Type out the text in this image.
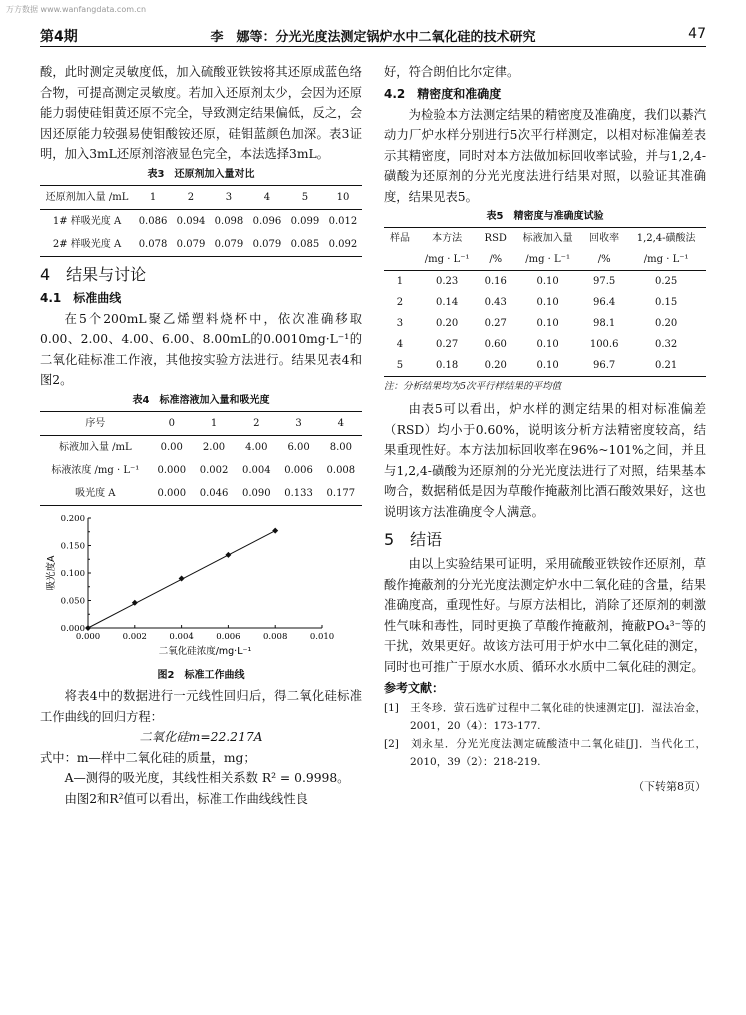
万方数据 www.wanfangdata.com.cn
第4期	李　娜等：分光光度法测定锅炉水中二氧化硅的技术研究	47

酸，此时测定灵敏度低，加入硫酸亚铁铵将其还原成蓝色络合物，可提高测定灵敏度。若加入还原剂太少，会因为还原能力弱使硅钼黄还原不完全，导致测定结果偏低，反之，会因还原能力较强易使钼酸铵还原，硅钼蓝颜色加深。表3证明，加入3mL还原剂溶液显色完全，本法选择3mL。

表3　还原剂加入量对比
还原剂加入量 /mL	1	2	3	4	5	10
1# 样吸光度 A	0.086	0.094	0.098	0.096	0.099	0.012
2# 样吸光度 A	0.078	0.079	0.079	0.079	0.085	0.092
4　结果与讨论
4.1　标准曲线

在5个200mL聚乙烯塑料烧杯中，依次准确移取0.00、2.00、4.00、6.00、8.00mL的0.0010mg·L⁻¹的二氧化硅标准工作液，其他按实验方法进行。结果见表4和图2。

表4　标准溶液加入量和吸光度
序号	0	1	2	3	4
标液加入量 /mL	0.00	2.00	4.00	6.00	8.00
标液浓度 /mg · L⁻¹	0.000	0.002	0.004	0.006	0.008
吸光度 A	0.000	0.046	0.090	0.133	0.177
0.000	0.002	0.004	0.006	0.008	0.010
0.000
0.050
0.100
0.150
0.200
二氧化硅浓度/mg·L⁻¹
吸光度A
图2　标准工作曲线

将表4中的数据进行一元线性回归后，得二氧化硅标准工作曲线的回归方程：

二氧化硅m=22.217A

式中：m—样中二氧化硅的质量，mg；

A—测得的吸光度，其线性相关系数 R² = 0.9998。

由图2和R²值可以看出，标准工作曲线线性良

好，符合朗伯比尔定律。

4.2　精密度和准确度

为检验本方法测定结果的精密度及准确度，我们以綦汽动力厂炉水样分别进行5次平行样测定，以相对标准偏差表示其精密度，同时对本方法做加标回收率试验，并与1,2,4-磺酸为还原剂的分光光度法进行结果对照，以验证其准确度，结果见表5。

表5　精密度与准确度试验
样品	本方法	RSD	标液加入量	回收率	1,2,4-磺酸法
	/mg · L⁻¹	/%	/mg · L⁻¹	/%	/mg · L⁻¹
1	0.23	0.16	0.10	97.5	0.25
2	0.14	0.43	0.10	96.4	0.15
3	0.20	0.27	0.10	98.1	0.20
4	0.27	0.60	0.10	100.6	0.32
5	0.18	0.20	0.10	96.7	0.21
注：分析结果均为5次平行样结果的平均值

由表5可以看出，炉水样的测定结果的相对标准偏差（RSD）均小于0.60%，说明该分析方法精密度较高，结果重现性好。本方法加标回收率在96%~101%之间，并且与1,2,4-磺酸为还原剂的分光光度法进行了对照，结果基本吻合，数据稍低是因为草酸作掩蔽剂比酒石酸效果好，这也说明该方法准确度令人满意。

5　结语

由以上实验结果可证明，采用硫酸亚铁铵作还原剂，草酸作掩蔽剂的分光光度法测定炉水中二氧化硅的含量，结果准确度高，重现性好。与原方法相比，消除了还原剂的刺激性气味和毒性，同时更换了草酸作掩蔽剂，掩蔽PO₄³⁻等的干扰，效果更好。故该方法可用于炉水中二氧化硅的测定，同时也可推广于原水水质、循环水水质中二氧化硅的测定。

参考文献：

[1]　王冬珍．萤石选矿过程中二氧化硅的快速测定[J]．湿法冶金，2001，20（4）：173-177.

[2]　刘永星．分光光度法测定硫酸渣中二氧化硅[J]．当代化工，2010，39（2）：218-219.

（下转第8页）
